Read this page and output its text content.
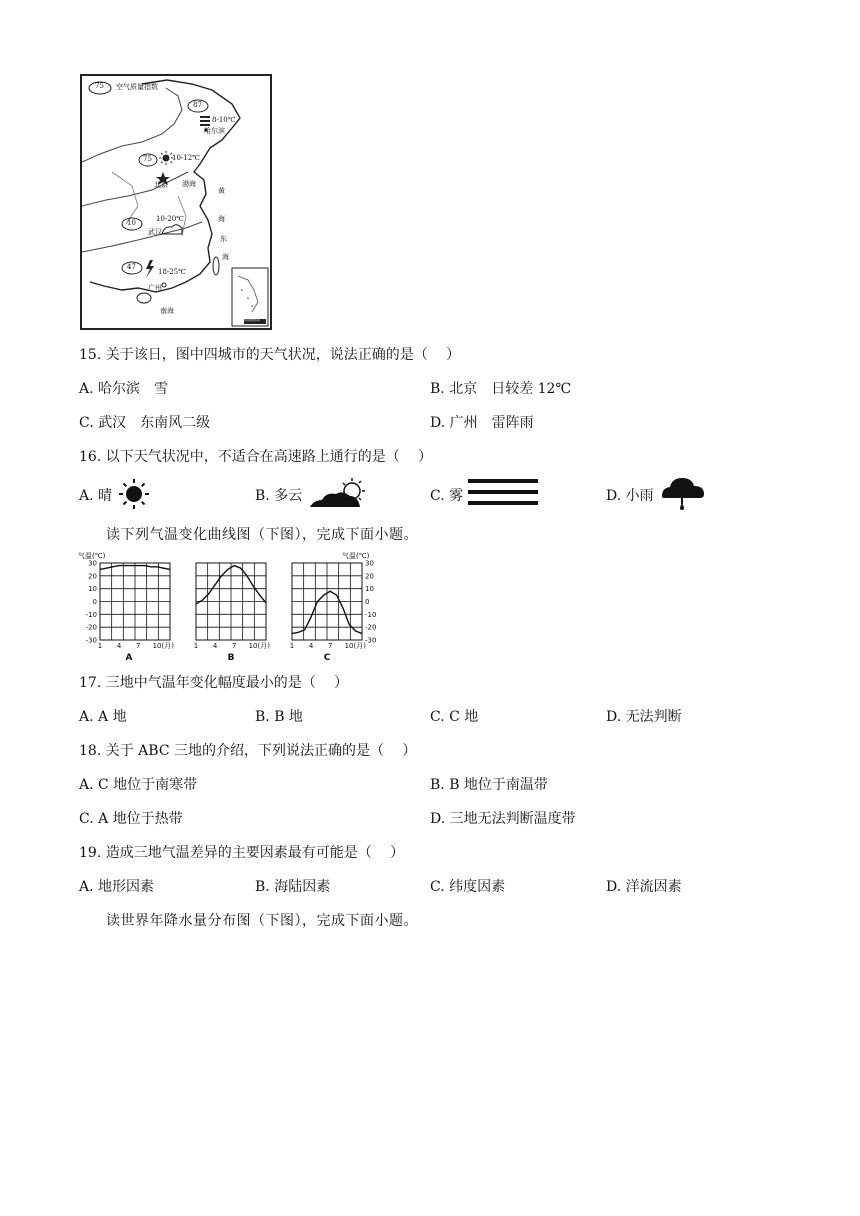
75 空气质量指数
87
8-10℃
哈尔滨
75	10-12℃
北京
10	10-20℃
武汉
47
18-25℃
广州
渤海
黄
海
东
海
南海
南海诸岛
15. 关于该日，图中四城市的天气状况，说法正确的是（　 ）
A. 哈尔滨　雪	B. 北京　日较差 12℃
C. 武汉　东南风二级	D. 广州　雷阵雨
16. 以下天气状况中，不适合在高速路上通行的是（　 ）
A. 晴	B. 多云	C. 雾	D. 小雨
读下列气温变化曲线图（下图），完成下面小题。
气温(℃)	气温(℃)
30
20
10
0
-10
-20
-30
1 4 7 10(月)
A
1 4 7 10(月)
B
30
20
10
0
-10
-20
-30
1 4 7 10(月)
C
17. 三地中气温年变化幅度最小的是（　 ）
A. A 地	B. B 地	C. C 地	D. 无法判断
18. 关于 ABC 三地的介绍，下列说法正确的是（　 ）
A. C 地位于南寒带	B. B 地位于南温带
C. A 地位于热带	D. 三地无法判断温度带
19. 造成三地气温差异的主要因素最有可能是（　 ）
A. 地形因素	B. 海陆因素	C. 纬度因素	D. 洋流因素
读世界年降水量分布图（下图），完成下面小题。
